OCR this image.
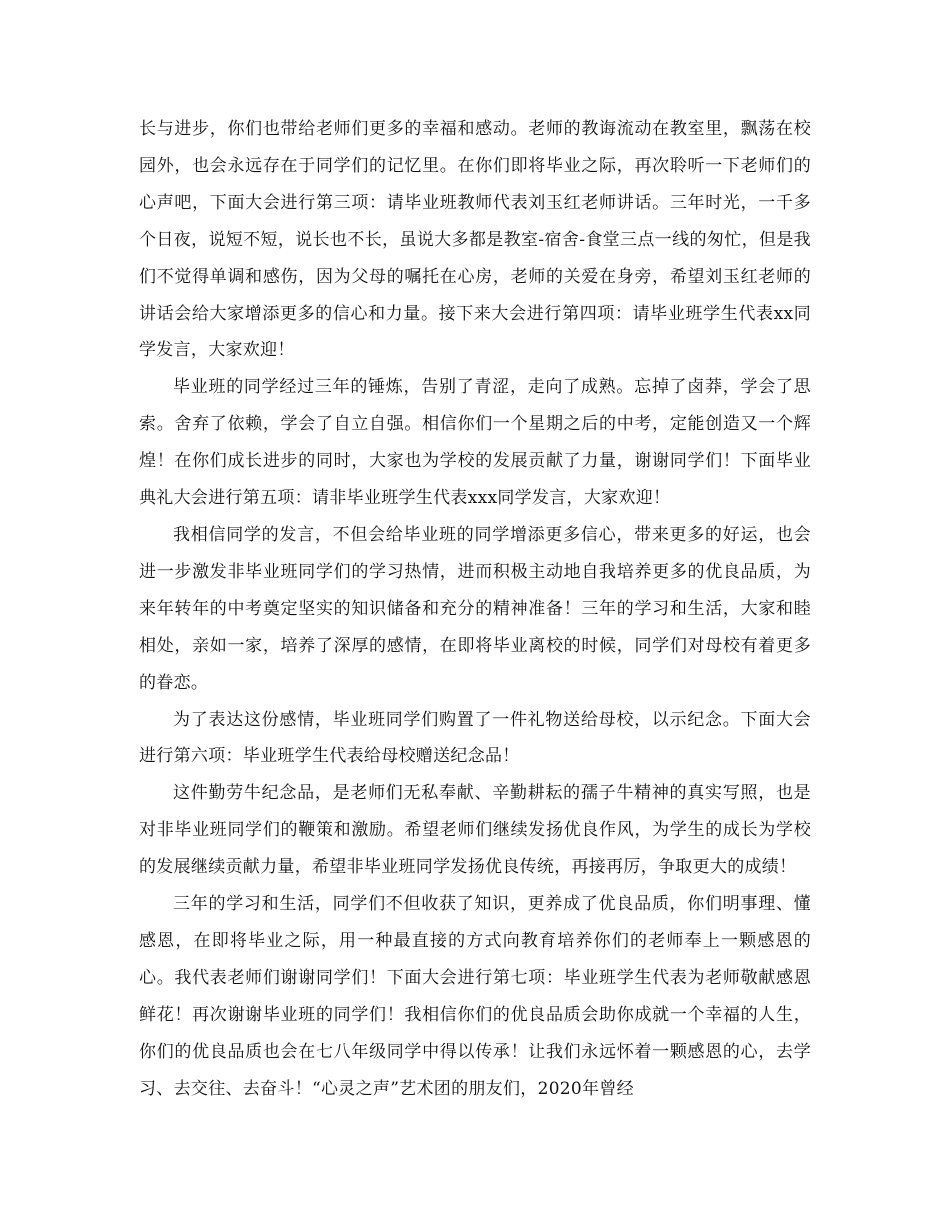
长与进步，你们也带给老师们更多的幸福和感动。老师的教诲流动在教室里，飘荡在校园外，也会永远存在于同学们的记忆里。在你们即将毕业之际，再次聆听一下老师们的心声吧，下面大会进行第三项：请毕业班教师代表刘玉红老师讲话。三年时光，一千多个日夜，说短不短，说长也不长，虽说大多都是教室-宿舍-食堂三点一线的匆忙，但是我们不觉得单调和感伤，因为父母的嘱托在心房，老师的关爱在身旁，希望刘玉红老师的讲话会给大家增添更多的信心和力量。接下来大会进行第四项：请毕业班学生代表xx同学发言，大家欢迎！

毕业班的同学经过三年的锤炼，告别了青涩，走向了成熟。忘掉了卤莽，学会了思索。舍弃了依赖，学会了自立自强。相信你们一个星期之后的中考，定能创造又一个辉煌！在你们成长进步的同时，大家也为学校的发展贡献了力量，谢谢同学们！下面毕业典礼大会进行第五项：请非毕业班学生代表xxx同学发言，大家欢迎！

我相信同学的发言，不但会给毕业班的同学增添更多信心，带来更多的好运，也会进一步激发非毕业班同学们的学习热情，进而积极主动地自我培养更多的优良品质，为来年转年的中考奠定坚实的知识储备和充分的精神准备！三年的学习和生活，大家和睦相处，亲如一家，培养了深厚的感情，在即将毕业离校的时候，同学们对母校有着更多的眷恋。

为了表达这份感情，毕业班同学们购置了一件礼物送给母校，以示纪念。下面大会进行第六项：毕业班学生代表给母校赠送纪念品！

这件勤劳牛纪念品，是老师们无私奉献、辛勤耕耘的孺子牛精神的真实写照，也是对非毕业班同学们的鞭策和激励。希望老师们继续发扬优良作风，为学生的成长为学校的发展继续贡献力量，希望非毕业班同学发扬优良传统，再接再厉，争取更大的成绩！

三年的学习和生活，同学们不但收获了知识，更养成了优良品质，你们明事理、懂感恩，在即将毕业之际，用一种最直接的方式向教育培养你们的老师奉上一颗感恩的心。我代表老师们谢谢同学们！下面大会进行第七项：毕业班学生代表为老师敬献感恩鲜花！再次谢谢毕业班的同学们！我相信你们的优良品质会助你成就一个幸福的人生，你们的优良品质也会在七八年级同学中得以传承！让我们永远怀着一颗感恩的心，去学习、去交往、去奋斗！“心灵之声”艺术团的朋友们，2020年曾经
